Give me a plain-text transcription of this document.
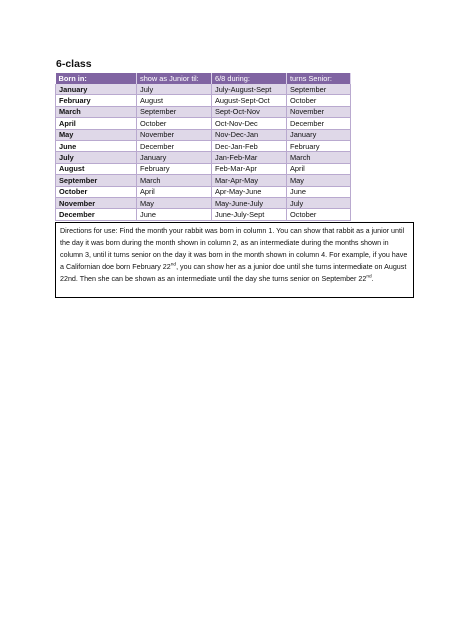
6-class
Born in:	show as Junior til:	6/8 during:	turns Senior:
January	July	July-August-Sept	September
February	August	August-Sept-Oct	October
March	September	Sept-Oct-Nov	November
April	October	Oct-Nov-Dec	December
May	November	Nov-Dec-Jan	January
June	December	Dec-Jan-Feb	February
July	January	Jan-Feb-Mar	March
August	February	Feb-Mar-Apr	April
September	March	Mar-Apr-May	May
October	April	Apr-May-June	June
November	May	May-June-July	July
December	June	June-July-Sept	October
Directions for use: Find the month your rabbit was born in column 1. You can show that rabbit as a junior until the day it was born during the month shown in column 2, as an intermediate during the months shown in column 3, until it turns senior on the day it was born in the month shown in column 4. For example, if you have a Californian doe born February 22nd, you can show her as a junior doe until she turns intermediate on August 22nd. Then she can be shown as an intermediate until the day she turns senior on September 22nd.
